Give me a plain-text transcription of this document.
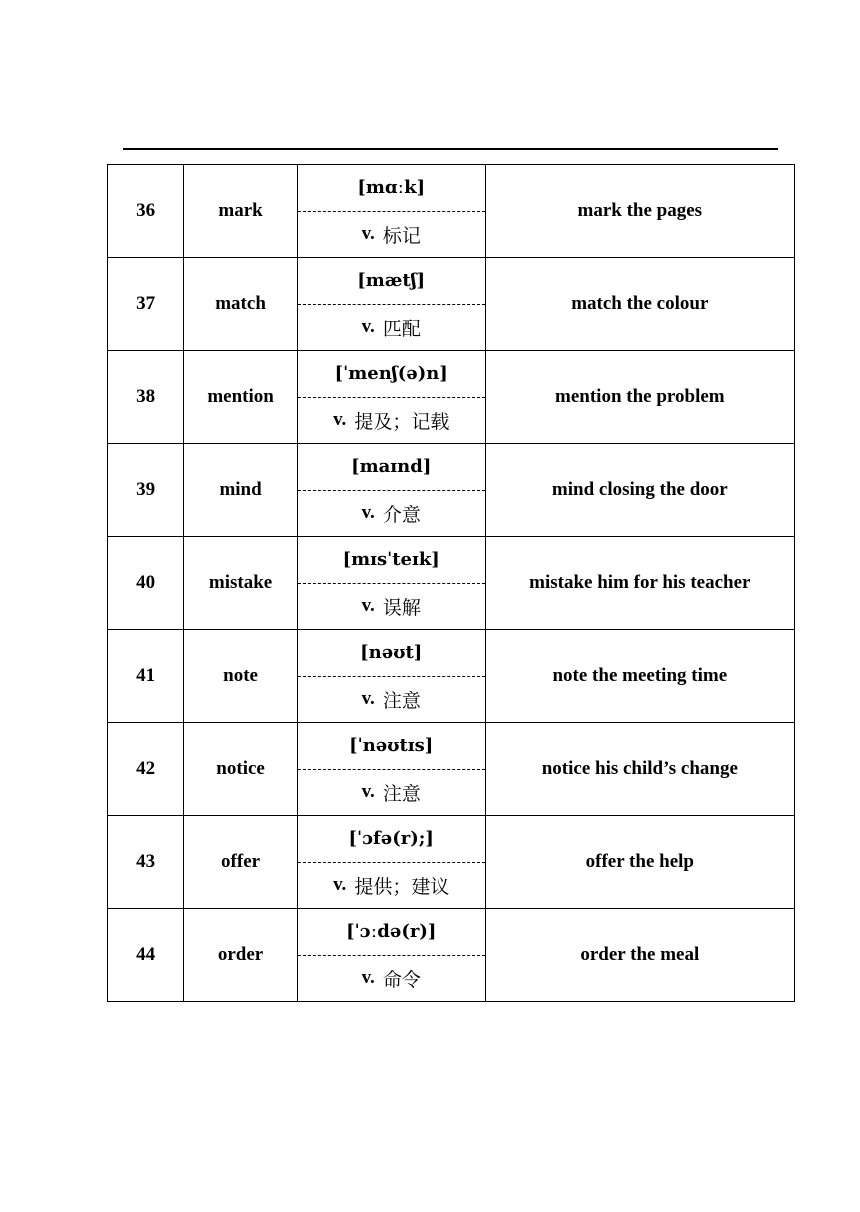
36	mark	[mɑːk]
v. 标记	mark the pages
37	match	[mætʃ]
v. 匹配	match the colour
38	mention	[ˈmenʃ(ə)n]
v. 提及；记载	mention the problem
39	mind	[maɪnd]
v. 介意	mind closing the door
40	mistake	[mɪsˈteɪk]
v. 误解	mistake him for his teacher
41	note	[nəʊt]
v. 注意	note the meeting time
42	notice	[ˈnəʊtɪs]
v. 注意	notice his child’s change
43	offer	[ˈɔfə(r);]
v. 提供；建议	offer the help
44	order	[ˈɔːdə(r)]
v. 命令	order the meal
